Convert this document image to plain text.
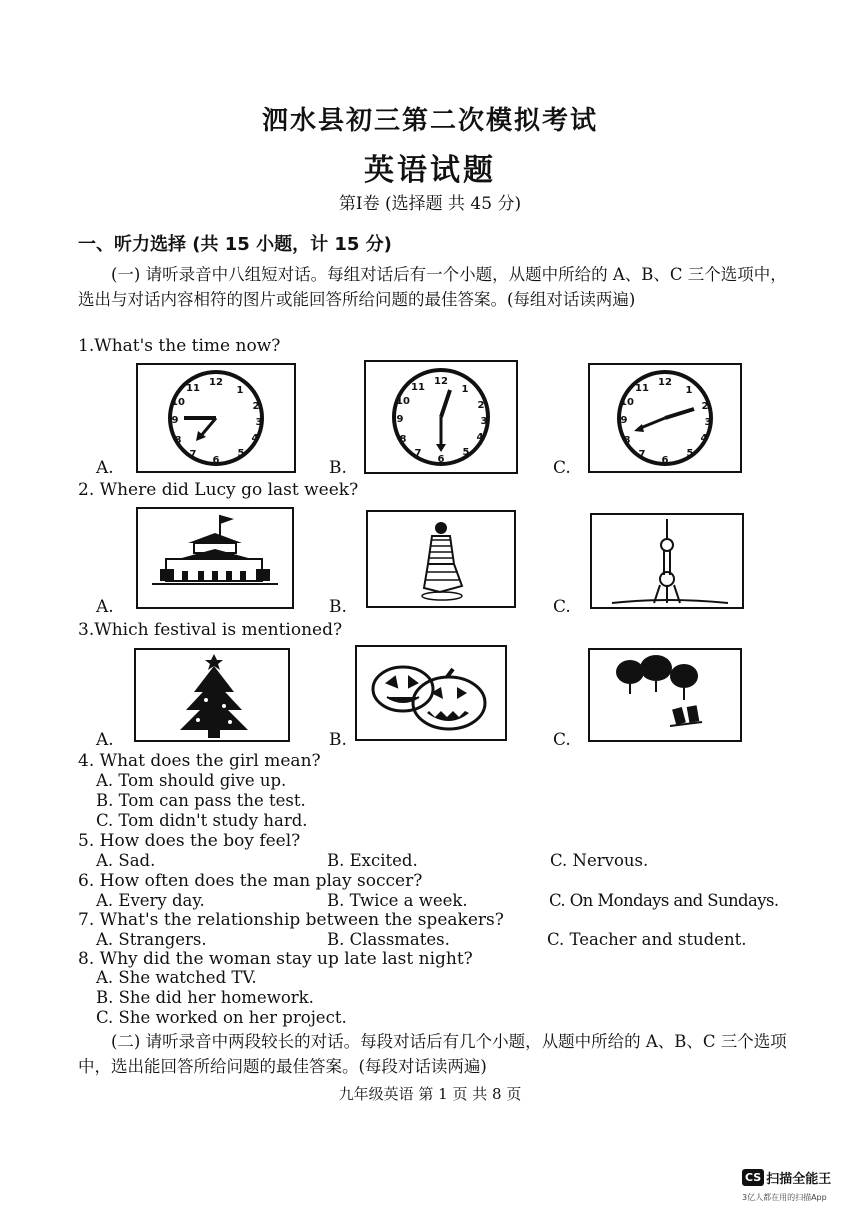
泗水县初三第二次模拟考试
英语试题
第Ⅰ卷 (选择题 共 45 分)
一、听力选择 (共 15 小题，计 15 分)
(一) 请听录音中八组短对话。每组对话后有一个小题，从题中所给的 A、B、C 三个选项中，选出与对话内容相符的图片或能回答所给问题的最佳答案。(每组对话读两遍)
1.What's the time now?
12
1
2
3
4
5
6
7
8
9
10
11
12
1
2
3
4
5
6
7
8
9
10
11	12
1
2
3
4
5
6
7
8
9
10
11
A.	B.	C.
2. Where did Lucy go last week?
A.	B.	C.
3.Which festival is mentioned?
A.	B.	C.
4. What does the girl mean?
A. Tom should give up.
B. Tom can pass the test.
C. Tom didn't study hard.
5. How does the boy feel?
A. Sad.	B. Excited.	C. Nervous.
6. How often does the man play soccer?
A. Every day.	B. Twice a week.	C. On Mondays and Sundays.
7. What's the relationship between the speakers?
A. Strangers.	B. Classmates.	C. Teacher and student.
8. Why did the woman stay up late last night?
A. She watched TV.
B. She did her homework.
C. She worked on her project.
(二) 请听录音中两段较长的对话。每段对话后有几个小题，从题中所给的 A、B、C 三个选项中，选出能回答所给问题的最佳答案。(每段对话读两遍)
九年级英语 第 1 页 共 8 页
CS 扫描全能王
3亿人都在用的扫描App
